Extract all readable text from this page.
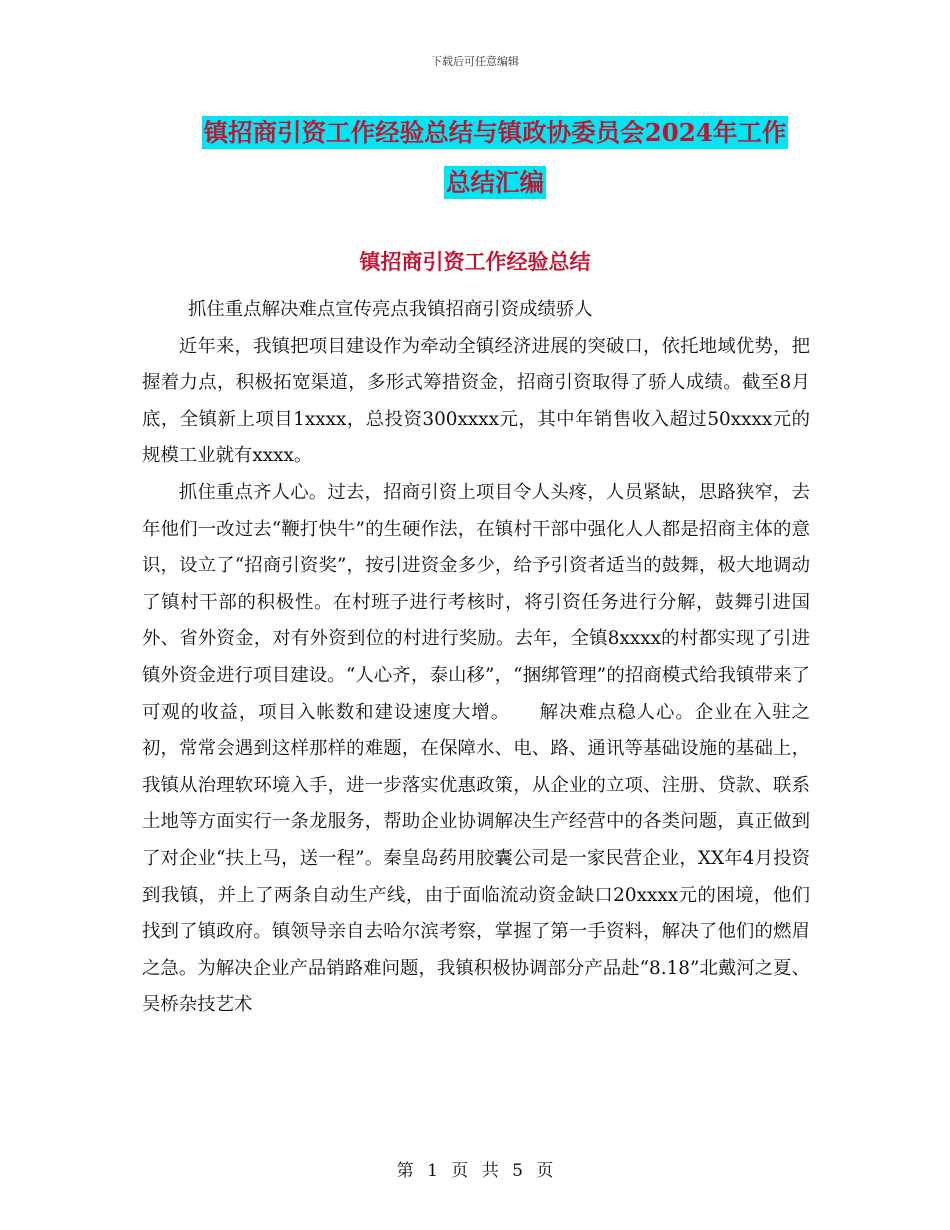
下载后可任意编辑
镇招商引资工作经验总结与镇政协委员会2024年工作
总结汇编
镇招商引资工作经验总结

抓住重点解决难点宣传亮点我镇招商引资成绩骄人

近年来，我镇把项目建设作为牵动全镇经济进展的突破口，依托地域优势，把握着力点，积极拓宽渠道，多形式筹措资金，招商引资取得了骄人成绩。截至8月底，全镇新上项目1xxxx，总投资300xxxx元，其中年销售收入超过50xxxx元的规模工业就有xxxx。

抓住重点齐人心。过去，招商引资上项目令人头疼，人员紧缺，思路狭窄，去年他们一改过去“鞭打快牛”的生硬作法，在镇村干部中强化人人都是招商主体的意识，设立了“招商引资奖”，按引进资金多少，给予引资者适当的鼓舞，极大地调动了镇村干部的积极性。在村班子进行考核时，将引资任务进行分解，鼓舞引进国外、省外资金，对有外资到位的村进行奖励。去年，全镇8xxxx的村都实现了引进镇外资金进行项目建设。“人心齐，泰山移”，“捆绑管理”的招商模式给我镇带来了可观的收益，项目入帐数和建设速度大增。　　解决难点稳人心。企业在入驻之初，常常会遇到这样那样的难题，在保障水、电、路、通讯等基础设施的基础上，我镇从治理软环境入手，进一步落实优惠政策，从企业的立项、注册、贷款、联系土地等方面实行一条龙服务，帮助企业协调解决生产经营中的各类问题，真正做到了对企业“扶上马，送一程”。秦皇岛药用胶囊公司是一家民营企业，XX年4月投资到我镇，并上了两条自动生产线，由于面临流动资金缺口20xxxx元的困境，他们找到了镇政府。镇领导亲自去哈尔滨考察，掌握了第一手资料，解决了他们的燃眉之急。为解决企业产品销路难问题，我镇积极协调部分产品赴“8.18”北戴河之夏、吴桥杂技艺术

第 1 页 共 5 页
